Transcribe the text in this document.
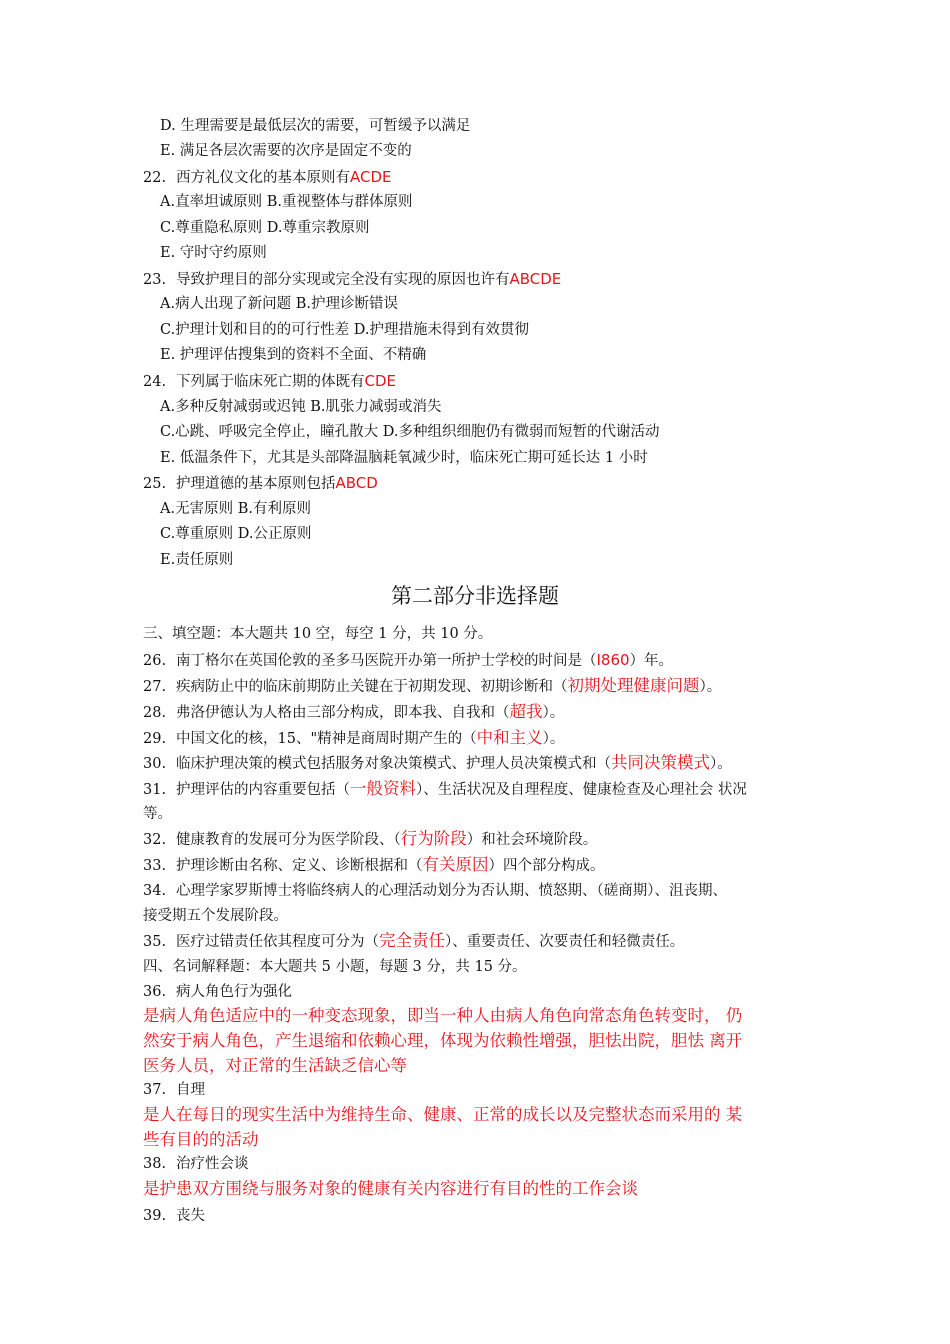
D. 生理需要是最低层次的需要，可暂缓予以满足
E. 满足各层次需要的次序是固定不变的
22. 西方礼仪文化的基本原则有ACDE
A.直率坦诚原则 B.重视整体与群体原则
C.尊重隐私原则 D.尊重宗教原则
E. 守时守约原则
23. 导致护理目的部分实现或完全没有实现的原因也许有ABCDE
A.病人出现了新问题 B.护理诊断错误
C.护理计划和目的的可行性差 D.护理措施未得到有效贯彻
E. 护理评估搜集到的资料不全面、不精确
24. 下列属于临床死亡期的体既有CDE
A.多种反射减弱或迟钝 B.肌张力减弱或消失
C.心跳、呼吸完全停止，瞳孔散大 D.多种组织细胞仍有微弱而短暂的代谢活动
E. 低温条件下，尤其是头部降温脑耗氧减少时，临床死亡期可延长达 1 小时
25. 护理道德的基本原则包括ABCD
A.无害原则 B.有利原则
C.尊重原则 D.公正原则
E.责任原则
第二部分非选择题
三、填空题：本大题共 10 空，每空 1 分，共 10 分。
26. 南丁格尔在英国伦敦的圣多马医院开办第一所护士学校的时间是（I860）年。
27. 疾病防止中的临床前期防止关键在于初期发现、初期诊断和（初期处理健康问题）。
28. 弗洛伊德认为人格由三部分构成，即本我、自我和（超我）。
29. 中国文化的核，15、"精神是商周时期产生的（中和主义）。
30. 临床护理决策的模式包括服务对象决策模式、护理人员决策模式和（共同决策模式）。
31. 护理评估的内容重要包括（一般资料）、生活状况及自理程度、健康检查及心理社会 状况
等。
32. 健康教育的发展可分为医学阶段、（行为阶段）和社会环境阶段。
33. 护理诊断由名称、定义、诊断根据和（有关原因）四个部分构成。
34. 心理学家罗斯博士将临终病人的心理活动划分为否认期、愤怒期、（磋商期）、沮丧期、
接受期五个发展阶段。
35. 医疗过错责任依其程度可分为（完全责任）、重要责任、次要责任和轻微责任。
四、名词解释题：本大题共 5 小题，每题 3 分，共 15 分。
36. 病人角色行为强化
是病人角色适应中的一种变态现象，即当一种人由病人角色向常态角色转变时， 仍
然安于病人角色，产生退缩和依赖心理，体现为依赖性增强，胆怯出院，胆怯 离开
医务人员，对正常的生活缺乏信心等
37. 自理
是人在每日的现实生活中为维持生命、健康、正常的成长以及完整状态而采用的 某
些有目的的活动
38. 治疗性会谈
是护患双方围绕与服务对象的健康有关内容进行有目的性的工作会谈
39. 丧失
